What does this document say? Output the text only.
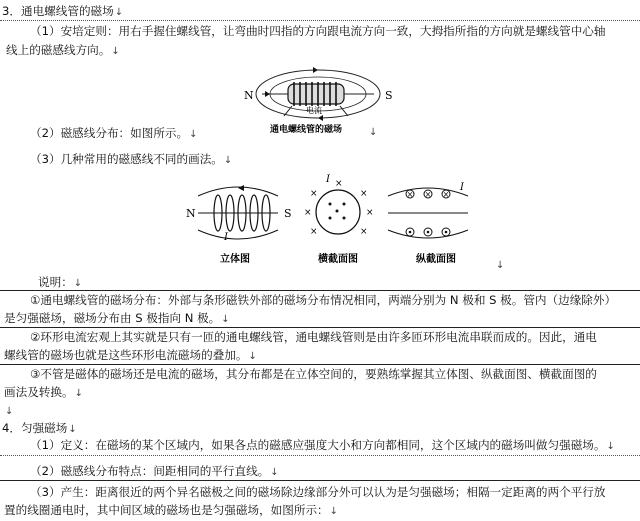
3．通电螺线管的磁场↓
（1）安培定则：用右手握住螺线管，让弯曲时四指的方向跟电流方向一致，大拇指所指的方向就是螺线管中心轴
线上的磁感线方向。↓
N	S
电流
通电螺线管的磁场	↓
（2）磁感线分布：如图所示。↓
（3）几种常用的磁感线不同的画法。↓
N	S
I
立体图
×	×
×	×
×	×
×
I
横截面图
× × ×
I
纵截面图
↓
说明：↓
①通电螺线管的磁场分布：外部与条形磁铁外部的磁场分布情况相同，两端分别为 N 极和 S 极。管内（边缘除外）
是匀强磁场，磁场分布由 S 极指向 N 极。↓
②环形电流宏观上其实就是只有一匝的通电螺线管，通电螺线管则是由许多匝环形电流串联而成的。因此，通电
螺线管的磁场也就是这些环形电流磁场的叠加。↓
③不管是磁体的磁场还是电流的磁场，其分布都是在立体空间的，要熟练掌握其立体图、纵截面图、横截面图的
画法及转换。↓
↓
4．匀强磁场↓
（1）定义：在磁场的某个区域内，如果各点的磁感应强度大小和方向都相同，这个区域内的磁场叫做匀强磁场。↓
（2）磁感线分布特点：间距相同的平行直线。↓
（3）产生：距离很近的两个异名磁极之间的磁场除边缘部分外可以认为是匀强磁场；相隔一定距离的两个平行放
置的线圈通电时，其中间区域的磁场也是匀强磁场，如图所示：↓
